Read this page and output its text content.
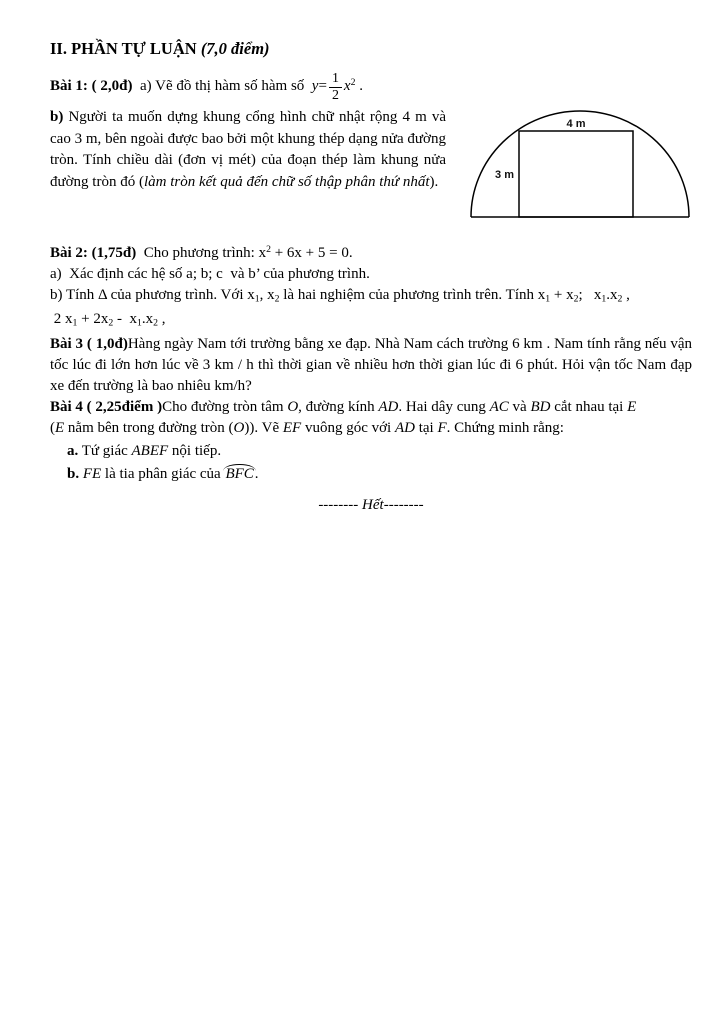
II. PHẦN TỰ LUẬN (7,0 điểm)

Bài 1: ( 2,0đ)  a) Vẽ đồ thị hàm số hàm số  $y= \frac{1}{2} x^2$ .

b) Người ta muốn dựng khung cổng hình chữ nhật rộng 4 m và cao 3 m, bên ngoài được bao bởi một khung thép dạng nửa đường tròn. Tính chiều dài (đơn vị mét) của đoạn thép làm khung nửa đường tròn đó (làm tròn kết quả đến chữ số thập phân thứ nhất).

4 m
3 m

Bài 2: (1,75đ)  Cho phương trình: $x^2 + 6x + 5 = 0$.

a)  Xác định các hệ số a; b; c  và b’ của phương trình.

b) Tính Δ của phương trình. Với x1, x2 là hai nghiệm của phương trình trên. Tính x1 + x2;   x1.x2 ,

2 x1 + 2x2 -  x1.x2 ,

Bài 3 ( 1,0đ)Hàng ngày Nam tới trường bằng xe đạp. Nhà Nam cách trường 6 km . Nam tính rằng nếu vận tốc lúc đi lớn hơn lúc về 3 km / h thì thời gian về nhiều hơn thời gian lúc đi 6 phút. Hỏi vận tốc Nam đạp xe đến trường là bao nhiêu km/h?

Bài 4 ( 2,25điểm )Cho đường tròn tâm O, đường kính AD. Hai dây cung AC và BD cắt nhau tại E

(E nằm bên trong đường tròn (O)). Vẽ EF vuông góc với AD tại F. Chứng minh rằng:

a. Tứ giác ABEF nội tiếp.

b. FE là tia phân giác của BFC.

-------- Hết--------
